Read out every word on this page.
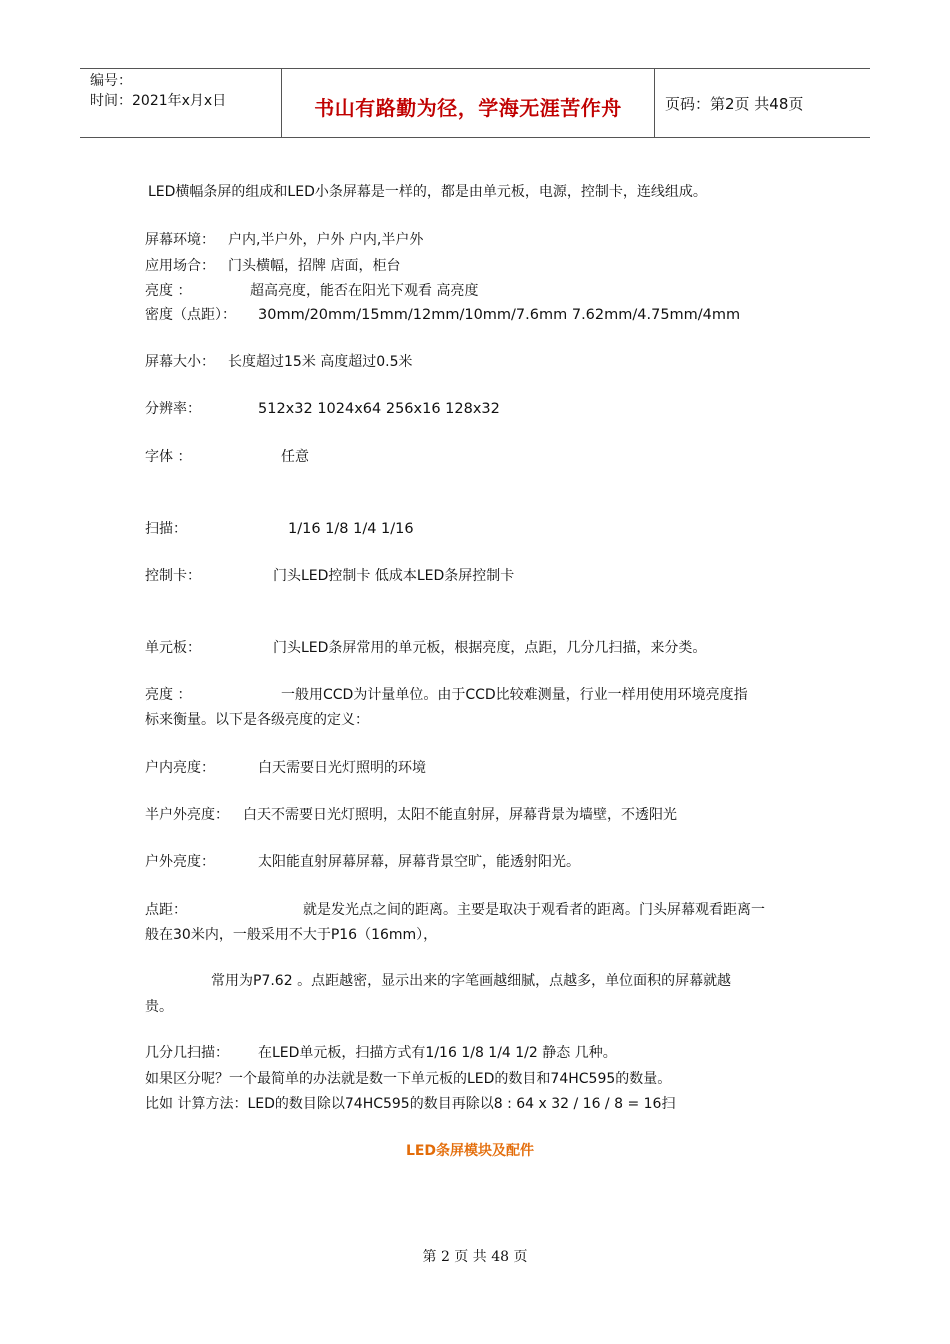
编号：
时间：2021年x月x日	书山有路勤为径，学海无涯苦作舟	页码：第2页 共48页
LED横幅条屏的组成和LED小条屏幕是一样的，都是由单元板，电源，控制卡，连线组成。
屏幕环境： 户内,半户外，户外 户内,半户外
应用场合： 门头横幅，招牌 店面，柜台
亮度 ：	超高亮度，能否在阳光下观看 高亮度
密度（点距）： 30mm/20mm/15mm/12mm/10mm/7.6mm 7.62mm/4.75mm/4mm
屏幕大小： 长度超过15米 高度超过0.5米
分辨率：	512x32 1024x64 256x16 128x32
字体 ：	任意
扫描：	1/16 1/8 1/4 1/16
控制卡：	门头LED控制卡 低成本LED条屏控制卡
单元板：	门头LED条屏常用的单元板，根据亮度，点距，几分几扫描，来分类。
亮度 ：	一般用CCD为计量单位。由于CCD比较难测量，行业一样用使用环境亮度指
标来衡量。以下是各级亮度的定义：
户内亮度：	白天需要日光灯照明的环境
半户外亮度： 白天不需要日光灯照明，太阳不能直射屏，屏幕背景为墙壁，不透阳光
户外亮度：	太阳能直射屏幕屏幕，屏幕背景空旷，能透射阳光。
点距：	就是发光点之间的距离。主要是取决于观看者的距离。门头屏幕观看距离一
般在30米内，一般采用不大于P16（16mm），
常用为P7.62 。点距越密，显示出来的字笔画越细腻，点越多，单位面积的屏幕就越
贵。
几分几扫描： 在LED单元板，扫描方式有1/16 1/8 1/4 1/2 静态 几种。
如果区分呢？一个最简单的办法就是数一下单元板的LED的数目和74HC595的数量。
比如 计算方法：LED的数目除以74HC595的数目再除以8 : 64 x 32 / 16 / 8 = 16扫
LED条屏模块及配件
第 2 页 共 48 页
